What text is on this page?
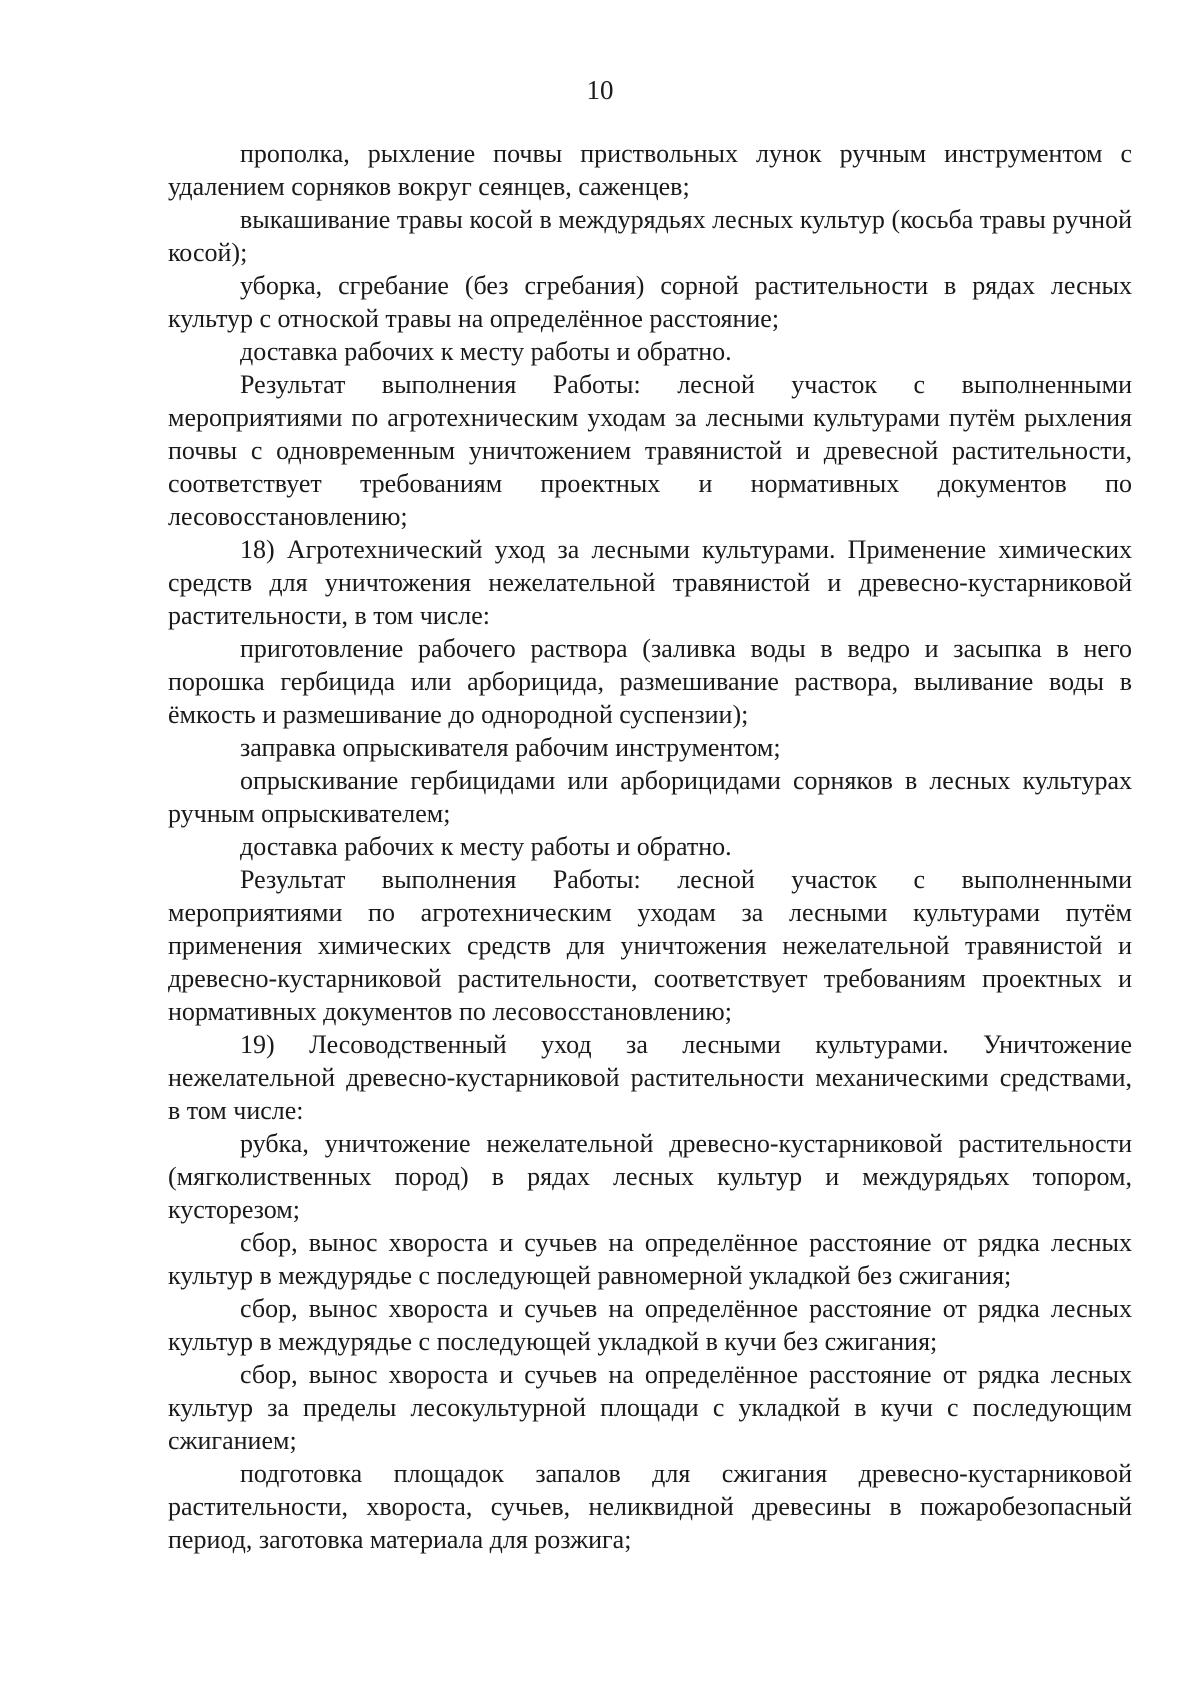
10

прополка, рыхление почвы приствольных лунок ручным инструментом с удалением сорняков вокруг сеянцев, саженцев;

выкашивание травы косой в междурядьях лесных культур (косьба травы ручной косой);

уборка, сгребание (без сгребания) сорной растительности в рядах лесных культур с отноской травы на определённое расстояние;

доставка рабочих к месту работы и обратно.

Результат выполнения Работы: лесной участок с выполненными мероприятиями по агротехническим уходам за лесными культурами путём рыхления почвы с одновременным уничтожением травянистой и древесной растительности, соответствует требованиям проектных и нормативных документов по лесовосстановлению;

18) Агротехнический уход за лесными культурами. Применение химических средств для уничтожения нежелательной травянистой и древесно-кустарниковой растительности, в том числе:

приготовление рабочего раствора (заливка воды в ведро и засыпка в него порошка гербицида или арборицида, размешивание раствора, выливание воды в ёмкость и размешивание до однородной суспензии);

заправка опрыскивателя рабочим инструментом;

опрыскивание гербицидами или арборицидами сорняков в лесных культурах ручным опрыскивателем;

доставка рабочих к месту работы и обратно.

Результат выполнения Работы: лесной участок с выполненными мероприятиями по агротехническим уходам за лесными культурами путём применения химических средств для уничтожения нежелательной травянистой и древесно-кустарниковой растительности, соответствует требованиям проектных и нормативных документов по лесовосстановлению;

19) Лесоводственный уход за лесными культурами. Уничтожение нежелательной древесно-кустарниковой растительности механическими средствами, в том числе:

рубка, уничтожение нежелательной древесно-кустарниковой растительности (мягколиственных пород) в рядах лесных культур и междурядьях топором, кусторезом;

сбор, вынос хвороста и сучьев на определённое расстояние от рядка лесных культур в междурядье с последующей равномерной укладкой без сжигания;

сбор, вынос хвороста и сучьев на определённое расстояние от рядка лесных культур в междурядье с последующей укладкой в кучи без сжигания;

сбор, вынос хвороста и сучьев на определённое расстояние от рядка лесных культур за пределы лесокультурной площади с укладкой в кучи с последующим сжиганием;

подготовка площадок запалов для сжигания древесно-кустарниковой растительности, хвороста, сучьев, неликвидной древесины в пожаробезопасный период, заготовка материала для розжига;
